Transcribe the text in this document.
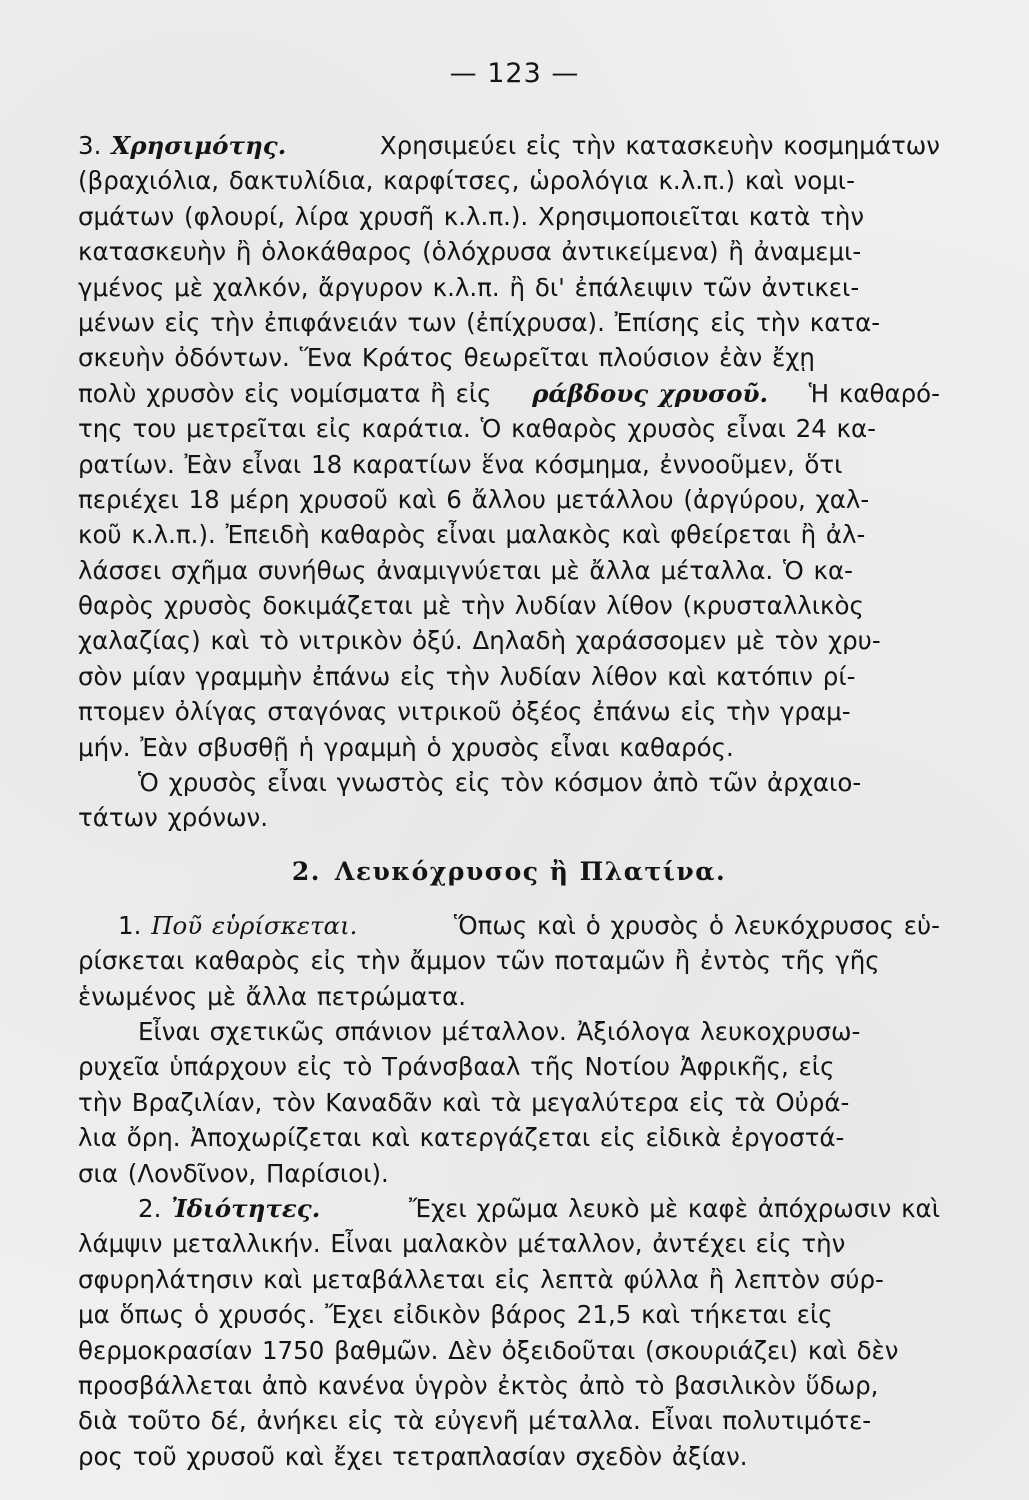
— 123 —
3. Χρησιμότης.	Χρησιμεύει εἰς τὴν κατασκευὴν κοσμημάτων
(βραχιόλια, δακτυλίδια, καρφίτσες, ὡρολόγια κ.λ.π.) καὶ νομι-
σμάτων (φλουρί, λίρα χρυσῆ κ.λ.π.). Χρησιμοποιεῖται κατὰ τὴν
κατασκευὴν ἢ ὁλοκάθαρος (ὁλόχρυσα ἀντικείμενα) ἢ ἀναμεμι-
γμένος μὲ χαλκόν, ἄργυρον κ.λ.π. ἢ δι' ἐπάλειψιν τῶν ἀντικει-
μένων εἰς τὴν ἐπιφάνειάν των (ἐπίχρυσα). Ἐπίσης εἰς τὴν κατα-
σκευὴν ὀδόντων. Ἕνα Κράτος θεωρεῖται πλούσιον ἐὰν ἔχῃ
πολὺ χρυσὸν εἰς νομίσματα ἢ εἰς ράβδους χρυσοῦ. Ἡ καθαρό-
της του μετρεῖται εἰς καράτια. Ὁ καθαρὸς χρυσὸς εἶναι 24 κα-
ρατίων. Ἐὰν εἶναι 18 καρατίων ἕνα κόσμημα, ἐννοοῦμεν, ὅτι
περιέχει 18 μέρη χρυσοῦ καὶ 6 ἄλλου μετάλλου (ἀργύρου, χαλ-
κοῦ κ.λ.π.). Ἐπειδὴ καθαρὸς εἶναι μαλακὸς καὶ φθείρεται ἢ ἀλ-
λάσσει σχῆμα συνήθως ἀναμιγνύεται μὲ ἄλλα μέταλλα. Ὁ κα-
θαρὸς χρυσὸς δοκιμάζεται μὲ τὴν λυδίαν λίθον (κρυσταλλικὸς
χαλαζίας) καὶ τὸ νιτρικὸν ὀξύ. Δηλαδὴ χαράσσομεν μὲ τὸν χρυ-
σὸν μίαν γραμμὴν ἐπάνω εἰς τὴν λυδίαν λίθον καὶ κατόπιν ρί-
πτομεν ὀλίγας σταγόνας νιτρικοῦ ὀξέος ἐπάνω εἰς τὴν γραμ-
μήν. Ἐὰν σβυσθῇ ἡ γραμμὴ ὁ χρυσὸς εἶναι καθαρός.
Ὁ χρυσὸς εἶναι γνωστὸς εἰς τὸν κόσμον ἀπὸ τῶν ἀρχαιο-
τάτων χρόνων.
2. Λευκόχρυσος ἢ Πλατίνα.
1. Ποῦ εὑρίσκεται.	Ὅπως καὶ ὁ χρυσὸς ὁ λευκόχρυσος εὑ-
ρίσκεται καθαρὸς εἰς τὴν ἄμμον τῶν ποταμῶν ἢ ἐντὸς τῆς γῆς
ἑνωμένος μὲ ἄλλα πετρώματα.
Εἶναι σχετικῶς σπάνιον μέταλλον. Ἀξιόλογα λευκοχρυσω-
ρυχεῖα ὑπάρχουν εἰς τὸ Τράνσβααλ τῆς Νοτίου Ἀφρικῆς, εἰς
τὴν Βραζιλίαν, τὸν Καναδᾶν καὶ τὰ μεγαλύτερα εἰς τὰ Οὐρά-
λια ὄρη. Ἀποχωρίζεται καὶ κατεργάζεται εἰς εἰδικὰ ἐργοστά-
σια (Λονδῖνον, Παρίσιοι).
2. Ἰδιότητες.	Ἔχει χρῶμα λευκὸ μὲ καφὲ ἀπόχρωσιν καὶ
λάμψιν μεταλλικήν. Εἶναι μαλακὸν μέταλλον, ἀντέχει εἰς τὴν
σφυρηλάτησιν καὶ μεταβάλλεται εἰς λεπτὰ φύλλα ἢ λεπτὸν σύρ-
μα ὅπως ὁ χρυσός. Ἔχει εἰδικὸν βάρος 21,5 καὶ τήκεται εἰς
θερμοκρασίαν 1750 βαθμῶν. Δὲν ὀξειδοῦται (σκουριάζει) καὶ δὲν
προσβάλλεται ἀπὸ κανένα ὑγρὸν ἐκτὸς ἀπὸ τὸ βασιλικὸν ὕδωρ,
διὰ τοῦτο δέ, ἀνήκει εἰς τὰ εὐγενῆ μέταλλα. Εἶναι πολυτιμότε-
ρος τοῦ χρυσοῦ καὶ ἔχει τετραπλασίαν σχεδὸν ἀξίαν.
